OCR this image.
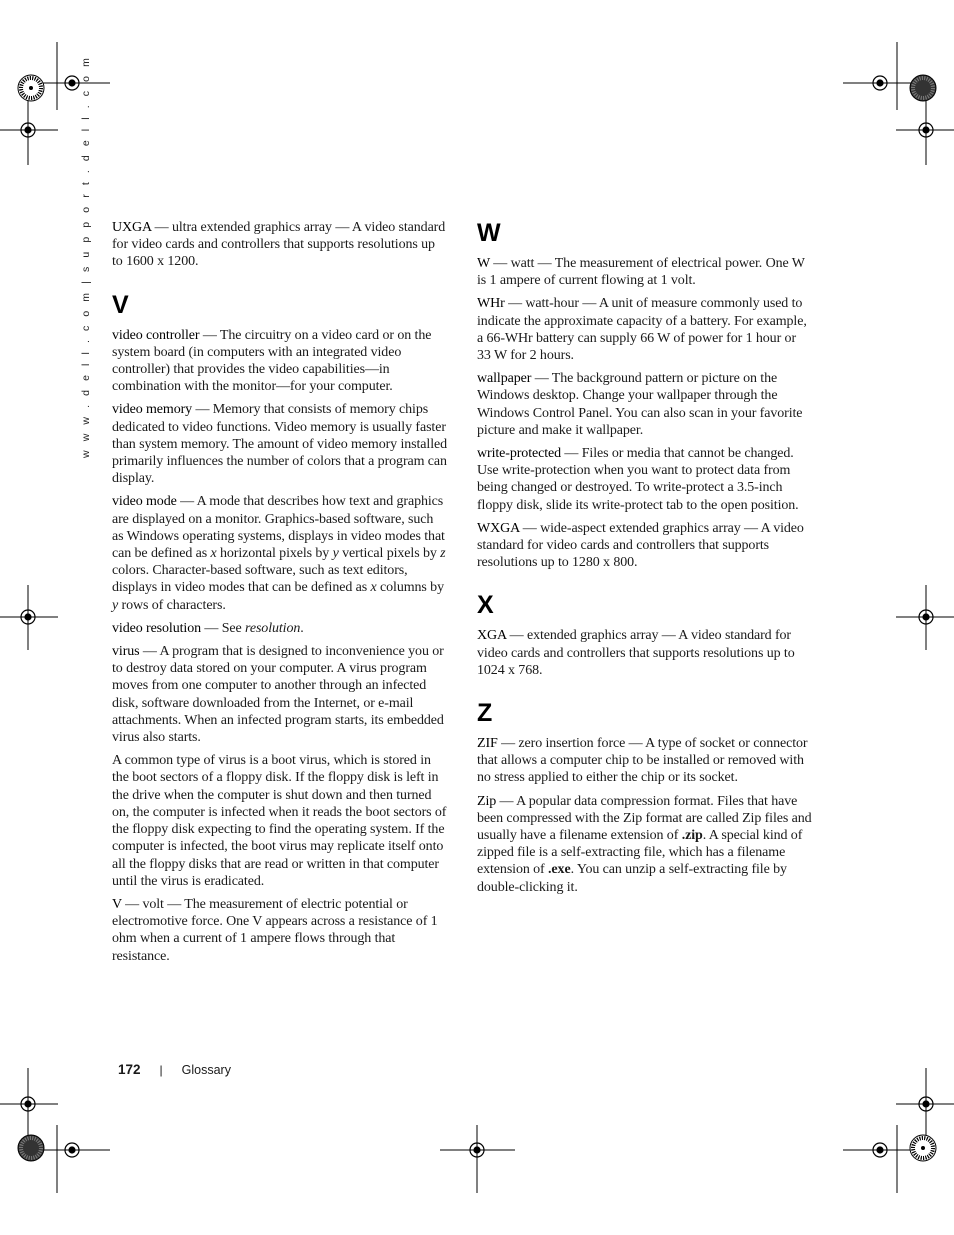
w w w . d e l l . c o m | s u p p o r t . d e l l . c o m UXGA — ultra extended graphics array — A video standard for video cards and controllers that supports resolutions up to 1600 x 1200.

V

video controller — The circuitry on a video card or on the system board (in computers with an integrated video controller) that provides the video capabilities—in combination with the monitor—for your computer.

video memory — Memory that consists of memory chips dedicated to video functions. Video memory is usually faster than system memory. The amount of video memory installed primarily influences the number of colors that a program can display.

video mode — A mode that describes how text and graphics are displayed on a monitor. Graphics-based software, such as Windows operating systems, displays in video modes that can be defined as x horizontal pixels by y vertical pixels by z colors. Character-based software, such as text editors, displays in video modes that can be defined as x columns by y rows of characters.

video resolution — See resolution.

virus — A program that is designed to inconvenience you or to destroy data stored on your computer. A virus program moves from one computer to another through an infected disk, software downloaded from the Internet, or e-mail attachments. When an infected program starts, its embedded virus also starts.

A common type of virus is a boot virus, which is stored in the boot sectors of a floppy disk. If the floppy disk is left in the drive when the computer is shut down and then turned on, the computer is infected when it reads the boot sectors of the floppy disk expecting to find the operating system. If the computer is infected, the boot virus may replicate itself onto all the floppy disks that are read or written in that computer until the virus is eradicated.

V — volt — The measurement of electric potential or electromotive force. One V appears across a resistance of 1 ohm when a current of 1 ampere flows through that resistance.

W

W — watt — The measurement of electrical power. One W is 1 ampere of current flowing at 1 volt.

WHr — watt-hour — A unit of measure commonly used to indicate the approximate capacity of a battery. For example, a 66-WHr battery can supply 66 W of power for 1 hour or 33 W for 2 hours.

wallpaper — The background pattern or picture on the Windows desktop. Change your wallpaper through the Windows Control Panel. You can also scan in your favorite picture and make it wallpaper.

write-protected — Files or media that cannot be changed. Use write-protection when you want to protect data from being changed or destroyed. To write-protect a 3.5-inch floppy disk, slide its write-protect tab to the open position.

WXGA — wide-aspect extended graphics array — A video standard for video cards and controllers that supports resolutions up to 1280 x 800.

X

XGA — extended graphics array — A video standard for video cards and controllers that supports resolutions up to 1024 x 768.

Z

ZIF — zero insertion force — A type of socket or connector that allows a computer chip to be installed or removed with no stress applied to either the chip or its socket.

Zip — A popular data compression format. Files that have been compressed with the Zip format are called Zip files and usually have a filename extension of .zip. A special kind of zipped file is a self-extracting file, which has a filename extension of .exe. You can unzip a self-extracting file by double-clicking it.

172 | Glossary
